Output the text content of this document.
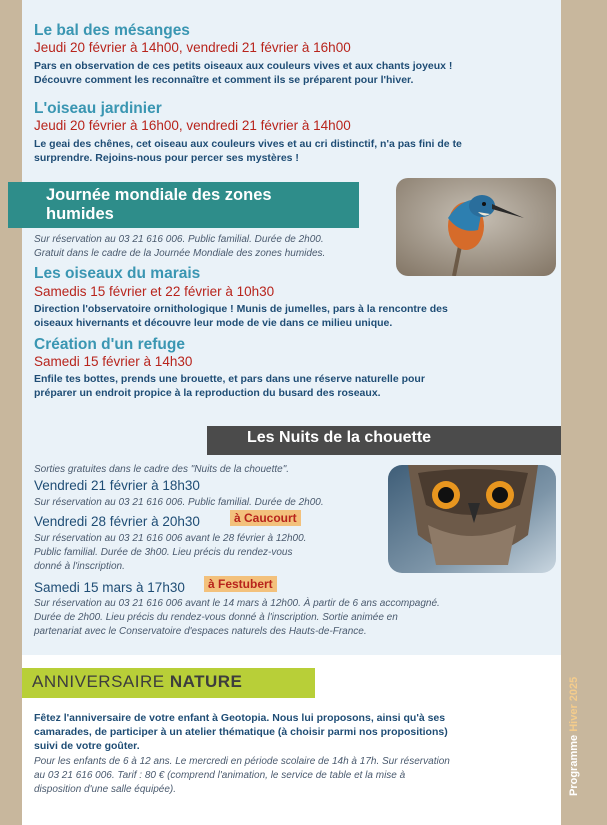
Programme Hiver 2025
Le bal des mésanges
Jeudi 20 février à 14h00, vendredi 21 février à 16h00
Pars en observation de ces petits oiseaux aux couleurs vives et aux chants joyeux !
Découvre comment les reconnaître et comment ils se préparent pour l'hiver.
L'oiseau jardinier
Jeudi 20 février à 16h00, vendredi 21 février à 14h00
Le geai des chênes, cet oiseau aux couleurs vives et au cri distinctif, n'a pas fini de te
surprendre. Rejoins-nous pour percer ses mystères !
Journée mondiale des zones
humides
Sur réservation au 03 21 616 006. Public familial. Durée de 2h00.
Gratuit dans le cadre de la Journée Mondiale des zones humides.
Les oiseaux du marais
Samedis 15 février et 22 février à 10h30
Direction l'observatoire ornithologique ! Munis de jumelles, pars à la rencontre des
oiseaux hivernants et découvre leur mode de vie dans ce milieu unique.
Création d'un refuge
Samedi 15 février à 14h30
Enfile tes bottes, prends une brouette, et pars dans une réserve naturelle pour
préparer un endroit propice à la reproduction du busard des roseaux.
Les Nuits de la chouette
Sorties gratuites dans le cadre des "Nuits de la chouette".
Vendredi 21 février à 18h30
Sur réservation au 03 21 616 006. Public familial. Durée de 2h00.
Vendredi 28 février à 20h30	à Caucourt
Sur réservation au 03 21 616 006 avant le 28 février à 12h00.
Public familial. Durée de 3h00. Lieu précis du rendez-vous
donné à l'inscription.
Samedi 15 mars à 17h30	à Festubert
Sur réservation au 03 21 616 006 avant le 14 mars à 12h00. À partir de 6 ans accompagné.
Durée de 2h00. Lieu précis du rendez-vous donné à l'inscription. Sortie animée en
partenariat avec le Conservatoire d'espaces naturels des Hauts-de-France.
ANNIVERSAIRE NATURE
Fêtez l'anniversaire de votre enfant à Geotopia. Nous lui proposons, ainsi qu'à ses
camarades, de participer à un atelier thématique (à choisir parmi nos propositions)
suivi de votre goûter.
Pour les enfants de 6 à 12 ans. Le mercredi en période scolaire de 14h à 17h. Sur réservation
au 03 21 616 006. Tarif : 80 € (comprend l'animation, le service de table et la mise à
disposition d'une salle équipée).
